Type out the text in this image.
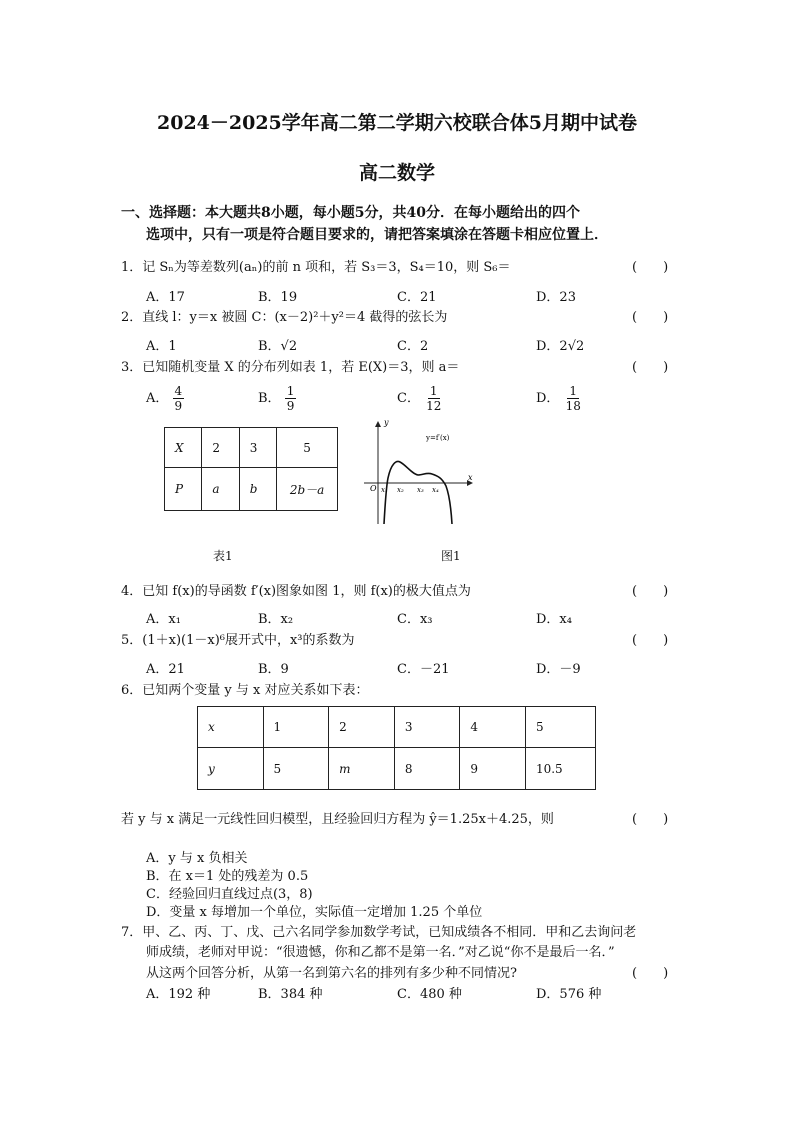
2024－2025学年高二第二学期六校联合体5月期中试卷
高二数学
一、选择题：本大题共8小题，每小题5分，共40分．在每小题给出的四个
选项中，只有一项是符合题目要求的，请把答案填涂在答题卡相应位置上．
1．记 Sₙ为等差数列(aₙ)的前 n 项和，若 S₃＝3，S₄＝10，则 S₆＝	(　　)
A．17	B．19	C．21	D．23
2．直线 l：y＝x 被圆 C：(x－2)²＋y²＝4 截得的弦长为	(　　)
A．1	B．√2	C．2	D．2√2
3．已知随机变量 X 的分布列如表 1，若 E(X)＝3，则 a＝	(　　)
A． $\frac{4}{9}$	B． $\frac{1}{9}$	C． $\frac{1}{12}$	D． $\frac{1}{18}$
X	2	3	5
P	a	b	2b－a
表1
y
x
y=f′(x)
O x₁ x₂ x₃ x₄
图1
4．已知 f(x)的导函数 f′(x)图象如图 1，则 f(x)的极大值点为	(　　)
A．x₁	B．x₂	C．x₃	D．x₄
5．(1＋x)(1－x)⁶展开式中，x³的系数为	(　　)
A．21	B．9	C．－21	D．－9
6．已知两个变量 y 与 x 对应关系如下表：
x	1	2	3	4	5
y	5	m	8	9	10.5
若 y 与 x 满足一元线性回归模型，且经验回归方程为 ŷ＝1.25x＋4.25，则	(　　)
A．y 与 x 负相关
B．在 x＝1 处的残差为 0.5
C．经验回归直线过点(3，8)
D．变量 x 每增加一个单位，实际值一定增加 1.25 个单位
7．甲、乙、丙、丁、戊、己六名同学参加数学考试，已知成绩各不相同．甲和乙去询问老
师成绩，老师对甲说：“很遗憾，你和乙都不是第一名．”对乙说“你不是最后一名．”
从这两个回答分析，从第一名到第六名的排列有多少种不同情况?	(　　)
A．192 种	B．384 种	C．480 种	D．576 种
